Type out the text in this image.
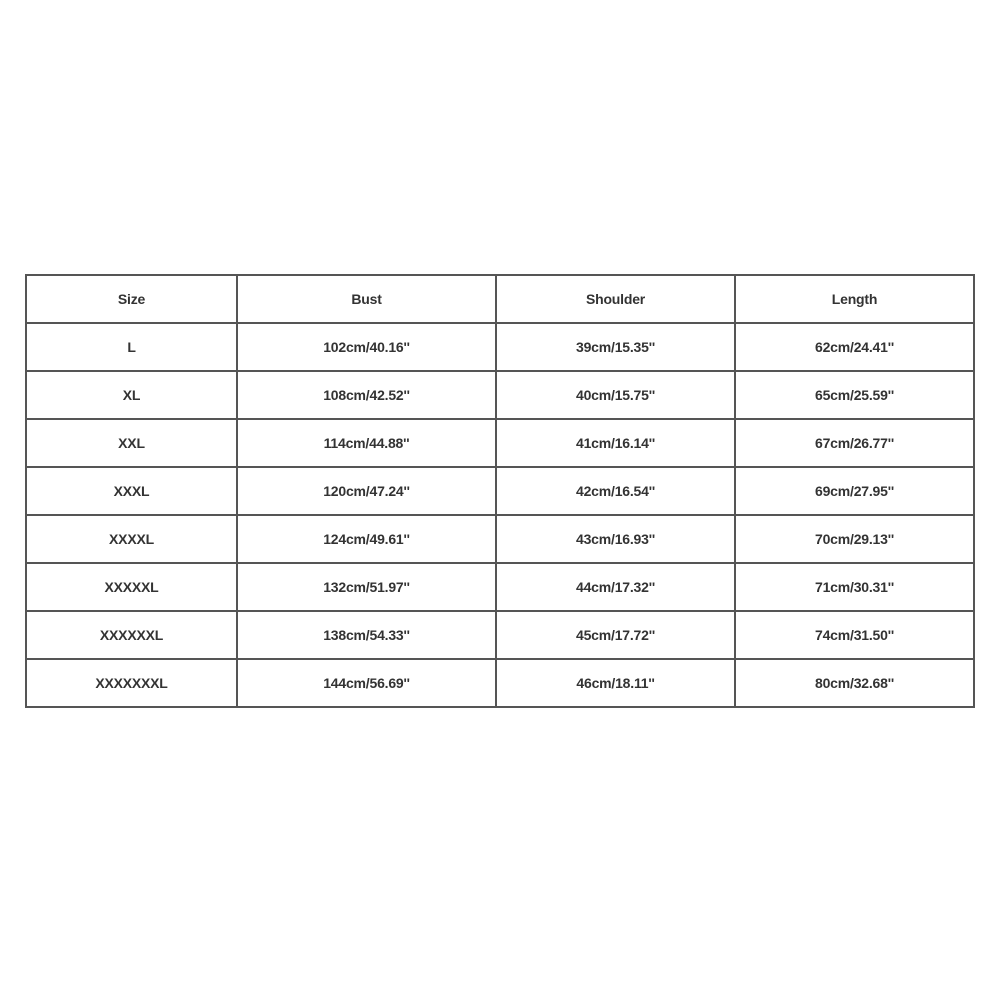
Size	Bust	Shoulder	Length
L	102cm/40.16''	39cm/15.35''	62cm/24.41''
XL	108cm/42.52''	40cm/15.75''	65cm/25.59''
XXL	114cm/44.88''	41cm/16.14''	67cm/26.77''
XXXL	120cm/47.24''	42cm/16.54''	69cm/27.95''
XXXXL	124cm/49.61''	43cm/16.93''	70cm/29.13''
XXXXXL	132cm/51.97''	44cm/17.32''	71cm/30.31''
XXXXXXL	138cm/54.33''	45cm/17.72''	74cm/31.50''
XXXXXXXL	144cm/56.69''	46cm/18.11''	80cm/32.68''
